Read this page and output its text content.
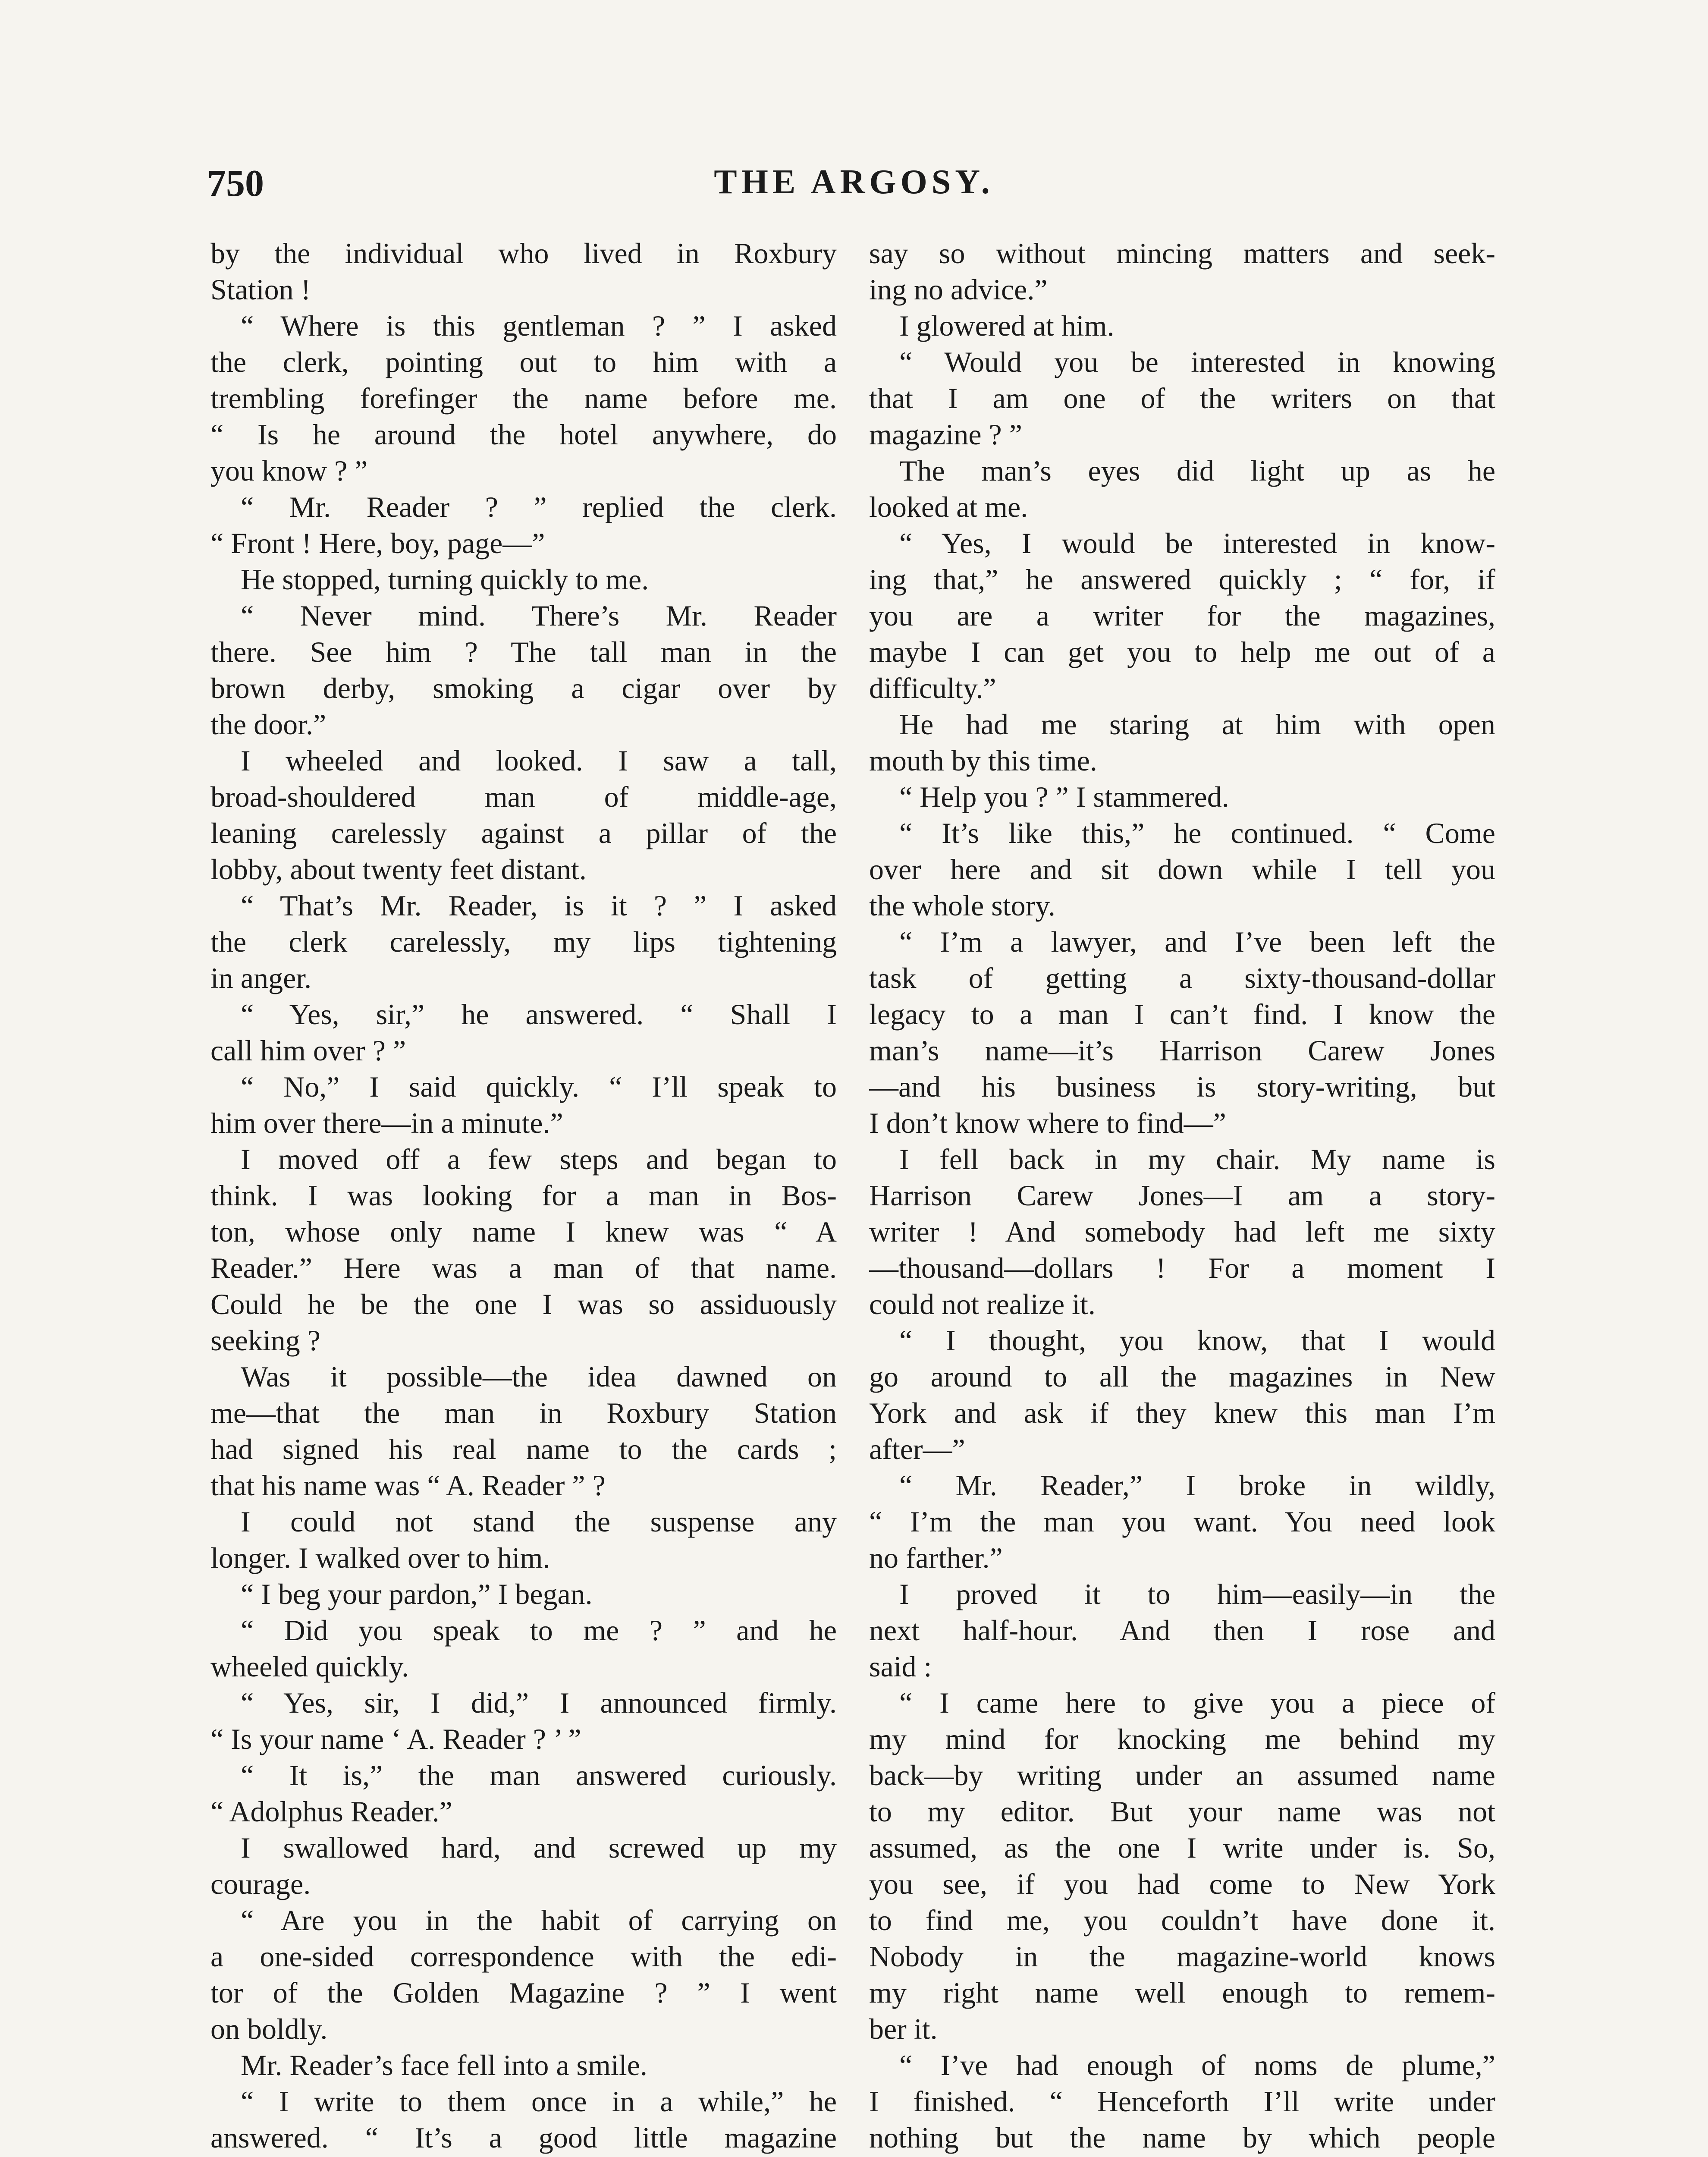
750	THE ARGOSY.
by the individual who lived in Roxbury
Station !
“ Where is this gentleman ? ” I asked
the clerk, pointing out to him with a
trembling forefinger the name before me.
“ Is he around the hotel anywhere, do
you know ? ”
“ Mr. Reader ? ” replied the clerk.
“ Front ! Here, boy, page—”
He stopped, turning quickly to me.
“ Never mind. There’s Mr. Reader
there. See him ? The tall man in the
brown derby, smoking a cigar over by
the door.”
I wheeled and looked. I saw a tall,
broad-shouldered man of middle-age,
leaning carelessly against a pillar of the
lobby, about twenty feet distant.
“ That’s Mr. Reader, is it ? ” I asked
the clerk carelessly, my lips tightening
in anger.
“ Yes, sir,” he answered. “ Shall I
call him over ? ”
“ No,” I said quickly. “ I’ll speak to
him over there—in a minute.”
I moved off a few steps and began to
think. I was looking for a man in Bos-
ton, whose only name I knew was “ A
Reader.” Here was a man of that name.
Could he be the one I was so assiduously
seeking ?
Was it possible—the idea dawned on
me—that the man in Roxbury Station
had signed his real name to the cards ;
that his name was “ A. Reader ” ?
I could not stand the suspense any
longer. I walked over to him.
“ I beg your pardon,” I began.
“ Did you speak to me ? ” and he
wheeled quickly.
“ Yes, sir, I did,” I announced firmly.
“ Is your name ‘ A. Reader ? ’ ”
“ It is,” the man answered curiously.
“ Adolphus Reader.”
I swallowed hard, and screwed up my
courage.
“ Are you in the habit of carrying on
a one-sided correspondence with the edi-
tor of the Golden Magazine ? ” I went
on boldly.
Mr. Reader’s face fell into a smile.
“ I write to them once in a while,” he
answered. “ It’s a good little magazine
say so without mincing matters and seek-
ing no advice.”
I glowered at him.
“ Would you be interested in knowing
that I am one of the writers on that
magazine ? ”
The man’s eyes did light up as he
looked at me.
“ Yes, I would be interested in know-
ing that,” he answered quickly ; “ for, if
you are a writer for the magazines,
maybe I can get you to help me out of a
difficulty.”
He had me staring at him with open
mouth by this time.
“ Help you ? ” I stammered.
“ It’s like this,” he continued. “ Come
over here and sit down while I tell you
the whole story.
“ I’m a lawyer, and I’ve been left the
task of getting a sixty-thousand-dollar
legacy to a man I can’t find. I know the
man’s name—it’s Harrison Carew Jones
—and his business is story-writing, but
I don’t know where to find—”
I fell back in my chair. My name is
Harrison Carew Jones—I am a story-
writer ! And somebody had left me sixty
—thousand—dollars ! For a moment I
could not realize it.
“ I thought, you know, that I would
go around to all the magazines in New
York and ask if they knew this man I’m
after—”
“ Mr. Reader,” I broke in wildly,
“ I’m the man you want. You need look
no farther.”
I proved it to him—easily—in the
next half-hour. And then I rose and
said :
“ I came here to give you a piece of
my mind for knocking me behind my
back—by writing under an assumed name
to my editor. But your name was not
assumed, as the one I write under is. So,
you see, if you had come to New York
to find me, you couldn’t have done it.
Nobody in the magazine-world knows
my right name well enough to remem-
ber it.
“ I’ve had enough of noms de plume,”
I finished. “ Henceforth I’ll write under
nothing but the name by which people
